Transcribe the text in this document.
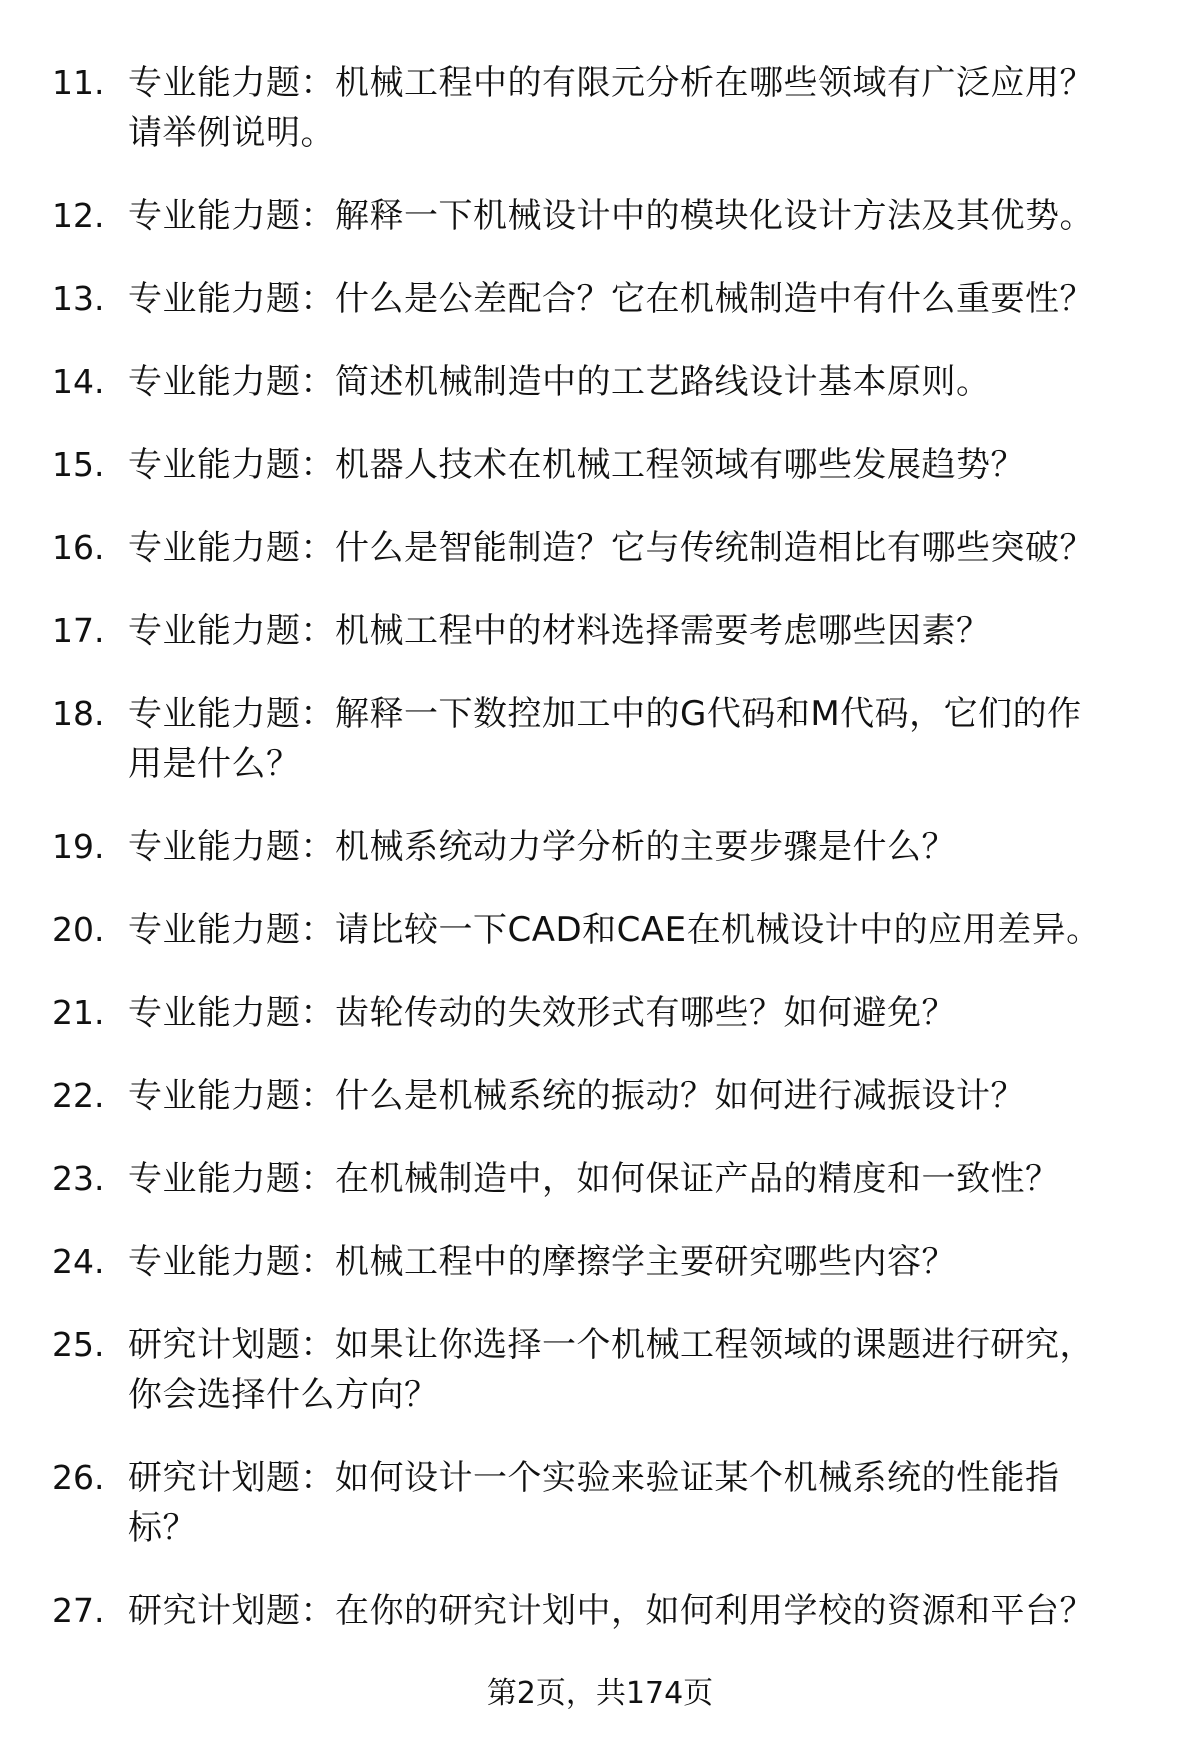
11. 专业能力题：机械工程中的有限元分析在哪些领域有广泛应用？
请举例说明。
12. 专业能力题：解释一下机械设计中的模块化设计方法及其优势。
13. 专业能力题：什么是公差配合？它在机械制造中有什么重要性？
14. 专业能力题：简述机械制造中的工艺路线设计基本原则。
15. 专业能力题：机器人技术在机械工程领域有哪些发展趋势？
16. 专业能力题：什么是智能制造？它与传统制造相比有哪些突破？
17. 专业能力题：机械工程中的材料选择需要考虑哪些因素？
18. 专业能力题：解释一下数控加工中的G代码和M代码，它们的作
用是什么？
19. 专业能力题：机械系统动力学分析的主要步骤是什么？
20. 专业能力题：请比较一下CAD和CAE在机械设计中的应用差异。
21. 专业能力题：齿轮传动的失效形式有哪些？如何避免？
22. 专业能力题：什么是机械系统的振动？如何进行减振设计？
23. 专业能力题：在机械制造中，如何保证产品的精度和一致性？
24. 专业能力题：机械工程中的摩擦学主要研究哪些内容？
25. 研究计划题：如果让你选择一个机械工程领域的课题进行研究，
你会选择什么方向？
26. 研究计划题：如何设计一个实验来验证某个机械系统的性能指
标？
27. 研究计划题：在你的研究计划中，如何利用学校的资源和平台？
第2页，共174页
